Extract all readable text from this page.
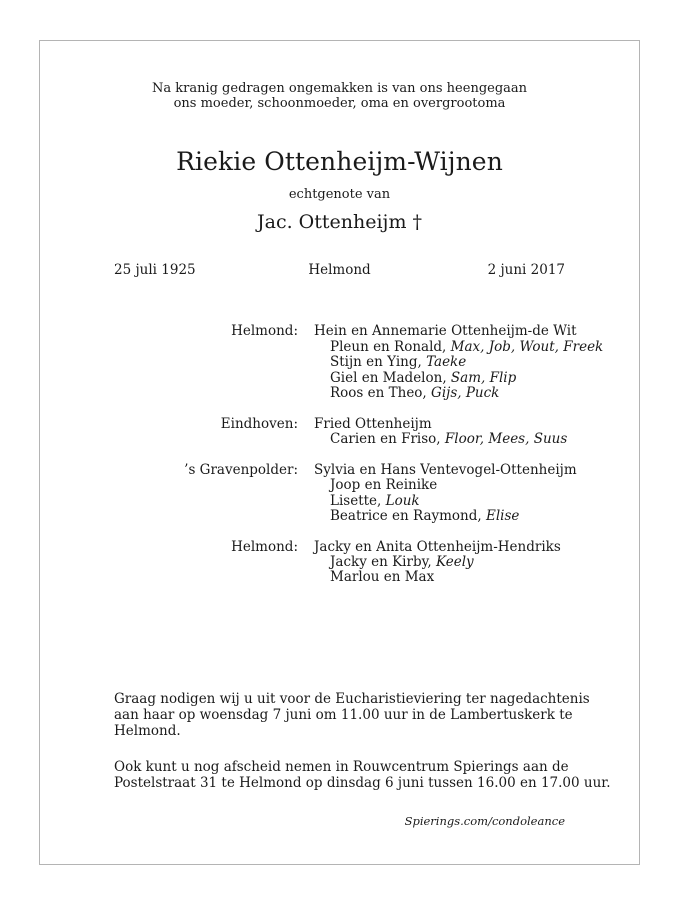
Na kranig gedragen ongemakken is van ons heengegaan
ons moeder, schoonmoeder, oma en overgrootoma
Riekie Ottenheijm-Wijnen
echtgenote van
Jac. Ottenheijm †
25 juli 1925	Helmond	2 juni 2017
Helmond: Hein en Annemarie Ottenheijm-de Wit
Pleun en Ronald, Max, Job, Wout, Freek
Stijn en Ying, Taeke
Giel en Madelon, Sam, Flip
Roos en Theo, Gijs, Puck
Eindhoven: Fried Ottenheijm
Carien en Friso, Floor, Mees, Suus
’s Gravenpolder: Sylvia en Hans Ventevogel-Ottenheijm
Joop en Reinike
Lisette, Louk
Beatrice en Raymond, Elise
Helmond: Jacky en Anita Ottenheijm-Hendriks
Jacky en Kirby, Keely
Marlou en Max
Graag nodigen wij u uit voor de Eucharistieviering ter nagedachtenis
aan haar op woensdag 7 juni om 11.00 uur in de Lambertuskerk te
Helmond.
Ook kunt u nog afscheid nemen in Rouwcentrum Spierings aan de
Postelstraat 31 te Helmond op dinsdag 6 juni tussen 16.00 en 17.00 uur.
Spierings.com/condoleance
